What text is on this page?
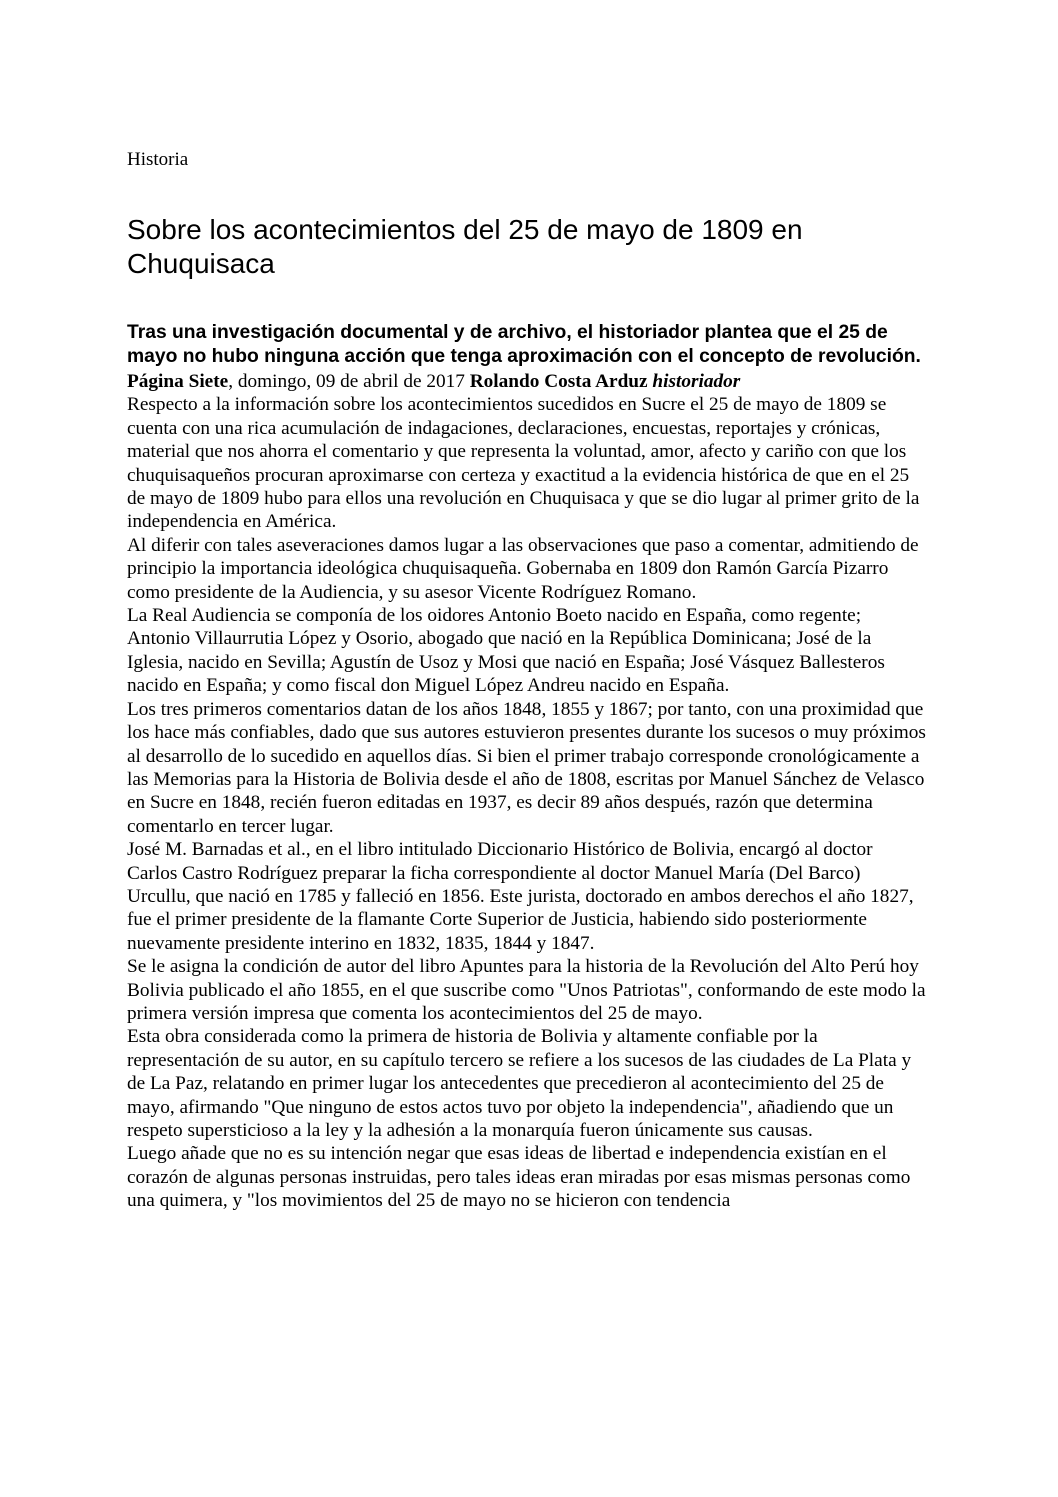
Historia
Sobre los acontecimientos del 25 de mayo de 1809 en Chuquisaca
Tras una investigación documental y de archivo, el historiador plantea que el 25 de mayo no hubo ninguna acción que tenga aproximación con el concepto de revolución.
Página Siete, domingo, 09 de abril de 2017 Rolando Costa Arduz historiador

Respecto a la información sobre los acontecimientos sucedidos en Sucre el 25 de mayo de 1809 se cuenta con una rica acumulación de indagaciones, declaraciones, encuestas, reportajes y crónicas, material que nos ahorra el comentario y que representa la voluntad, amor, afecto y cariño con que los chuquisaqueños procuran aproximarse con certeza y exactitud a la evidencia histórica de que en el 25 de mayo de 1809 hubo para ellos una revolución en Chuquisaca y que se dio lugar al primer grito de la independencia en América.

Al diferir con tales aseveraciones damos lugar a las observaciones que paso a comentar, admitiendo de principio la importancia ideológica chuquisaqueña. Gobernaba en 1809 don Ramón García Pizarro como presidente de la Audiencia, y su asesor Vicente Rodríguez Romano.

La Real Audiencia se componía de los oidores Antonio Boeto nacido en España, como regente; Antonio Villaurrutia López y Osorio, abogado que nació en la República Dominicana; José de la Iglesia, nacido en Sevilla; Agustín de Usoz y Mosi que nació en España; José Vásquez Ballesteros nacido en España; y como fiscal don Miguel López Andreu nacido en España.

Los tres primeros comentarios datan de los años 1848, 1855 y 1867; por tanto, con una proximidad que los hace más confiables, dado que sus autores estuvieron presentes durante los sucesos o muy próximos al desarrollo de lo sucedido en aquellos días. Si bien el primer trabajo corresponde cronológicamente a las Memorias para la Historia de Bolivia desde el año de 1808, escritas por Manuel Sánchez de Velasco en Sucre en 1848, recién fueron editadas en 1937, es decir 89 años después, razón que determina comentarlo en tercer lugar.

José M. Barnadas et al., en el libro intitulado Diccionario Histórico de Bolivia, encargó al doctor Carlos Castro Rodríguez preparar la ficha correspondiente al doctor Manuel María (Del Barco) Urcullu, que nació en 1785 y falleció en 1856. Este jurista, doctorado en ambos derechos el año 1827, fue el primer presidente de la flamante Corte Superior de Justicia, habiendo sido posteriormente nuevamente presidente interino en 1832, 1835, 1844 y 1847.

Se le asigna la condición de autor del libro Apuntes para la historia de la Revolución del Alto Perú hoy Bolivia publicado el año 1855, en el que suscribe como "Unos Patriotas", conformando de este modo la primera versión impresa que comenta los acontecimientos del 25 de mayo.

Esta obra considerada como la primera de historia de Bolivia y altamente confiable por la representación de su autor, en su capítulo tercero se refiere a los sucesos de las ciudades de La Plata y de La Paz, relatando en primer lugar los antecedentes que precedieron al acontecimiento del 25 de mayo, afirmando "Que ninguno de estos actos tuvo por objeto la independencia", añadiendo que un respeto supersticioso a la ley y la adhesión a la monarquía fueron únicamente sus causas.

Luego añade que no es su intención negar que esas ideas de libertad e independencia existían en el corazón de algunas personas instruidas, pero tales ideas eran miradas por esas mismas personas como una quimera, y "los movimientos del 25 de mayo no se hicieron con tendencia
